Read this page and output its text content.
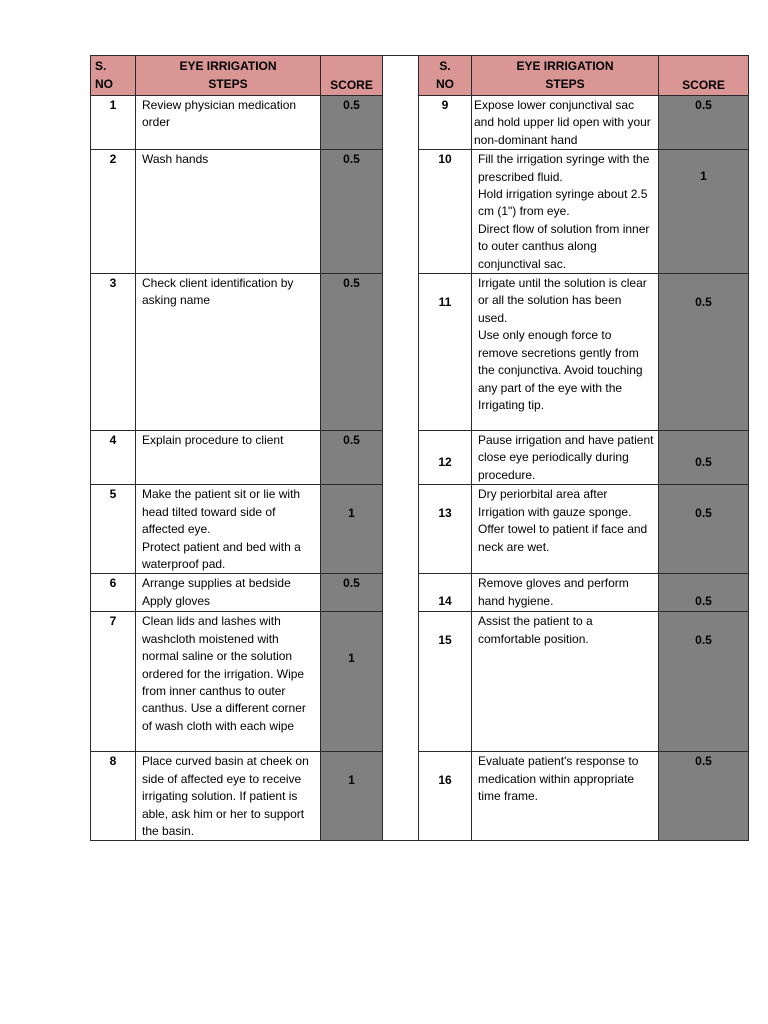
S.
NO	EYE IRRIGATION
STEPS	SCORE		S.
NO	EYE IRRIGATION
STEPS	SCORE
1	Review physician medication order	0.5		9	Expose lower conjunctival sac and hold upper lid open with your non-dominant hand	0.5
2	Wash hands	0.5		10	Fill the irrigation syringe with the prescribed fluid.
Hold irrigation syringe about 2.5 cm (1") from eye.
Direct flow of solution from inner to outer canthus along conjunctival sac.	1
3	Check client identification by asking name	0.5		11	Irrigate until the solution is clear or all the solution has been used.
Use only enough force to remove secretions gently from the conjunctiva. Avoid touching any part of the eye with the Irrigating tip.	0.5
4	Explain procedure to client	0.5		12	Pause irrigation and have patient close eye periodically during procedure.	0.5
5	Make the patient sit or lie with head tilted toward side of affected eye.
Protect patient and bed with a waterproof pad.	1		13	Dry periorbital area after Irrigation with gauze sponge.
Offer towel to patient if face and neck are wet.	0.5
6	Arrange supplies at bedside
Apply gloves	0.5		14	Remove gloves and perform hand hygiene.	0.5
7	Clean lids and lashes with washcloth moistened with normal saline or the solution ordered for the irrigation. Wipe from inner canthus to outer canthus. Use a different corner of wash cloth with each wipe	1		15	Assist the patient to a comfortable position.	0.5
8	Place curved basin at cheek on side of affected eye to receive irrigating solution. If patient is able, ask him or her to support the basin.	1		16	Evaluate patient's response to medication within appropriate time frame.	0.5
